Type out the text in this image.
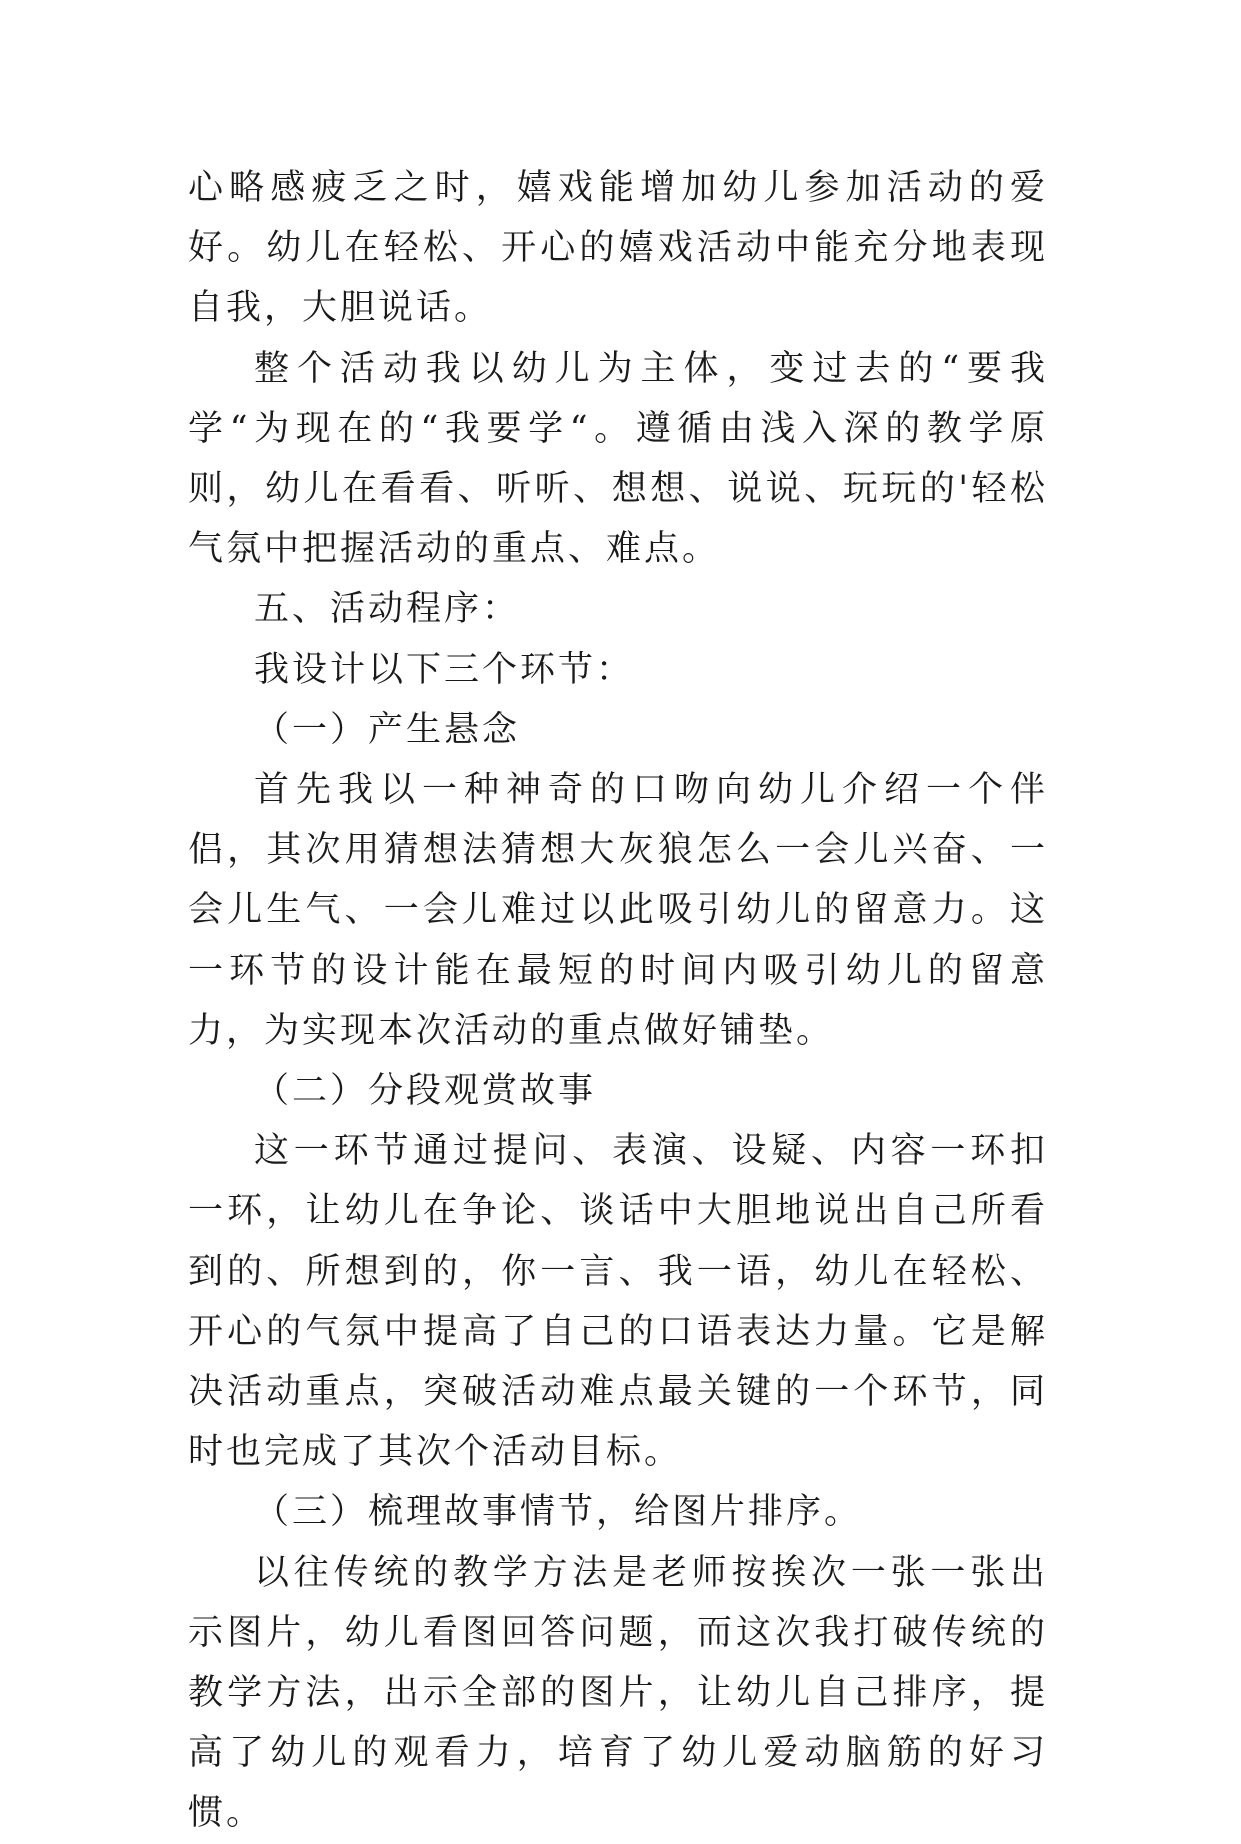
心略感疲乏之时，嬉戏能增加幼儿参加活动的爱好。幼儿在轻松、开心的嬉戏活动中能充分地表现自我，大胆说话。

整个活动我以幼儿为主体，变过去的“要我学“为现在的“我要学“。遵循由浅入深的教学原则，幼儿在看看、听听、想想、说说、玩玩的'轻松气氛中把握活动的重点、难点。

五、活动程序：

我设计以下三个环节：

（一）产生悬念

首先我以一种神奇的口吻向幼儿介绍一个伴侣，其次用猜想法猜想大灰狼怎么一会儿兴奋、一会儿生气、一会儿难过以此吸引幼儿的留意力。这一环节的设计能在最短的时间内吸引幼儿的留意力，为实现本次活动的重点做好铺垫。

（二）分段观赏故事

这一环节通过提问、表演、设疑、内容一环扣一环，让幼儿在争论、谈话中大胆地说出自己所看到的、所想到的，你一言、我一语，幼儿在轻松、开心的气氛中提高了自己的口语表达力量。它是解决活动重点，突破活动难点最关键的一个环节，同时也完成了其次个活动目标。

（三）梳理故事情节，给图片排序。

以往传统的教学方法是老师按挨次一张一张出示图片，幼儿看图回答问题，而这次我打破传统的教学方法，出示全部的图片，让幼儿自己排序，提高了幼儿的观看力，培育了幼儿爱动脑筋的好习惯。
